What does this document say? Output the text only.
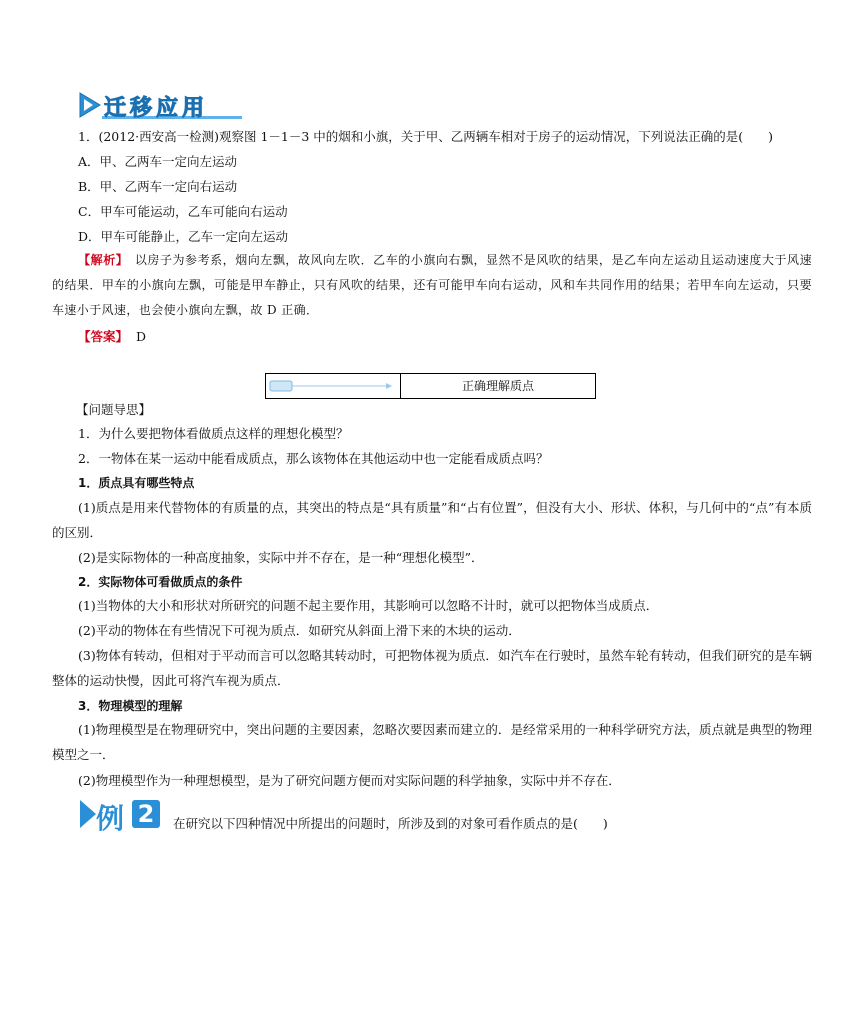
迁移应用
1．(2012·西安高一检测)观察图 1－1－3 中的烟和小旗，关于甲、乙两辆车相对于房子的运动情况，下列说法正确的是(　　)
A．甲、乙两车一定向左运动
B．甲、乙两车一定向右运动
C．甲车可能运动，乙车可能向右运动
D．甲车可能静止，乙车一定向左运动
【解析】　以房子为参考系，烟向左飘，故风向左吹．乙车的小旗向右飘，显然不是风吹的结果，是乙车向左运动且运动速度大于风速的结果．甲车的小旗向左飘，可能是甲车静止，只有风吹的结果，还有可能甲车向右运动，风和车共同作用的结果；若甲车向左运动，只要车速小于风速，也会使小旗向左飘，故 D 正确．
【答案】 D
正确理解质点
【问题导思】
1．为什么要把物体看做质点这样的理想化模型？
2．一物体在某一运动中能看成质点，那么该物体在其他运动中也一定能看成质点吗？
1．质点具有哪些特点
(1)质点是用来代替物体的有质量的点，其突出的特点是“具有质量”和“占有位置”，但没有大小、形状、体积，与几何中的“点”有本质的区别．
(2)是实际物体的一种高度抽象，实际中并不存在，是一种“理想化模型”．
2．实际物体可看做质点的条件
(1)当物体的大小和形状对所研究的问题不起主要作用，其影响可以忽略不计时，就可以把物体当成质点．
(2)平动的物体在有些情况下可视为质点．如研究从斜面上滑下来的木块的运动．
(3)物体有转动，但相对于平动而言可以忽略其转动时，可把物体视为质点．如汽车在行驶时，虽然车轮有转动，但我们研究的是车辆整体的运动快慢，因此可将汽车视为质点．
3．物理模型的理解
(1)物理模型是在物理研究中，突出问题的主要因素，忽略次要因素而建立的．是经常采用的一种科学研究方法，质点就是典型的物理模型之一．
(2)物理模型作为一种理想模型，是为了研究问题方便而对实际问题的科学抽象，实际中并不存在．
2
例	在研究以下四种情况中所提出的问题时，所涉及到的对象可看作质点的是(　　)
